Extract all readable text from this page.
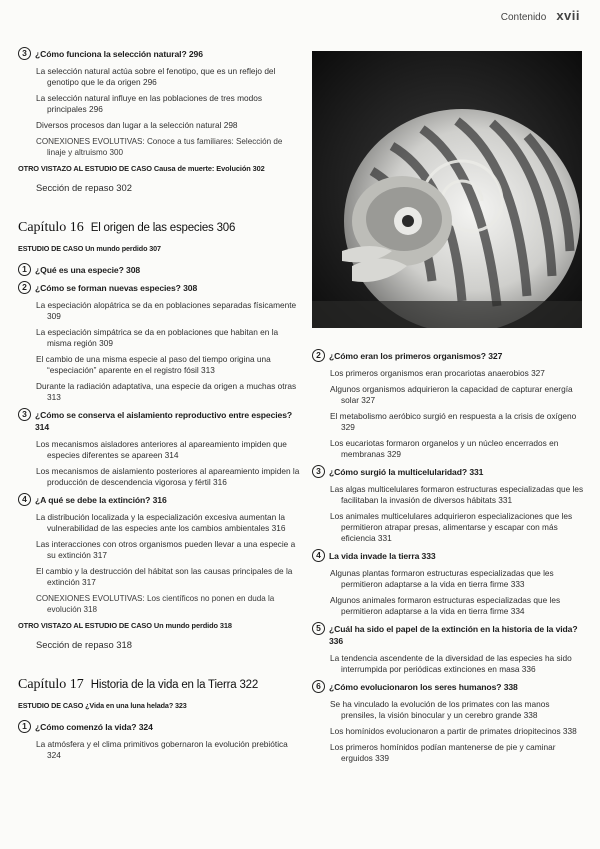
Contenido xvii
3 ¿Cómo funciona la selección natural? 296
La selección natural actúa sobre el fenotipo, que es un reflejo del genotipo que le da origen 296
La selección natural influye en las poblaciones de tres modos principales 296
Diversos procesos dan lugar a la selección natural 298
CONEXIONES EVOLUTIVAS: Conoce a tus familiares: Selección de linaje y altruismo 300
OTRO VISTAZO AL ESTUDIO DE CASO Causa de muerte: Evolución 302
Sección de repaso 302
Capítulo 16 El origen de las especies 306
ESTUDIO DE CASO Un mundo perdido 307
1 ¿Qué es una especie? 308
2 ¿Cómo se forman nuevas especies? 308
La especiación alopátrica se da en poblaciones separadas físicamente 309
La especiación simpátrica se da en poblaciones que habitan en la misma región 309
El cambio de una misma especie al paso del tiempo origina una “especiación” aparente en el registro fósil 313
Durante la radiación adaptativa, una especie da origen a muchas otras 313
3 ¿Cómo se conserva el aislamiento reproductivo entre especies? 314
Los mecanismos aisladores anteriores al apareamiento impiden que especies diferentes se apareen 314
Los mecanismos de aislamiento posteriores al apareamiento impiden la producción de descendencia vigorosa y fértil 316
4 ¿A qué se debe la extinción? 316
La distribución localizada y la especialización excesiva aumentan la vulnerabilidad de las especies ante los cambios ambientales 316
Las interacciones con otros organismos pueden llevar a una especie a su extinción 317
El cambio y la destrucción del hábitat son las causas principales de la extinción 317
CONEXIONES EVOLUTIVAS: Los científicos no ponen en duda la evolución 318
OTRO VISTAZO AL ESTUDIO DE CASO Un mundo perdido 318
Sección de repaso 318
Capítulo 17 Historia de la vida en la Tierra 322
ESTUDIO DE CASO ¿Vida en una luna helada? 323
1 ¿Cómo comenzó la vida? 324
La atmósfera y el clima primitivos gobernaron la evolución prebiótica 324
2 ¿Cómo eran los primeros organismos? 327
Los primeros organismos eran procariotas anaerobios 327
Algunos organismos adquirieron la capacidad de capturar energía solar 327
El metabolismo aeróbico surgió en respuesta a la crisis de oxígeno 329
Los eucariotas formaron organelos y un núcleo encerrados en membranas 329
3 ¿Cómo surgió la multicelularidad? 331
Las algas multicelulares formaron estructuras especializadas que les facilitaban la invasión de diversos hábitats 331
Los animales multicelulares adquirieron especializaciones que les permitieron atrapar presas, alimentarse y escapar con más eficiencia 331
4 La vida invade la tierra 333
Algunas plantas formaron estructuras especializadas que les permitieron adaptarse a la vida en tierra firme 333
Algunos animales formaron estructuras especializadas que les permitieron adaptarse a la vida en tierra firme 334
5 ¿Cuál ha sido el papel de la extinción en la historia de la vida? 336
La tendencia ascendente de la diversidad de las especies ha sido interrumpida por periódicas extinciones en masa 336
6 ¿Cómo evolucionaron los seres humanos? 338
Se ha vinculado la evolución de los primates con las manos prensiles, la visión binocular y un cerebro grande 338
Los homínidos evolucionaron a partir de primates driopitecinos 338
Los primeros homínidos podían mantenerse de pie y caminar erguidos 339
